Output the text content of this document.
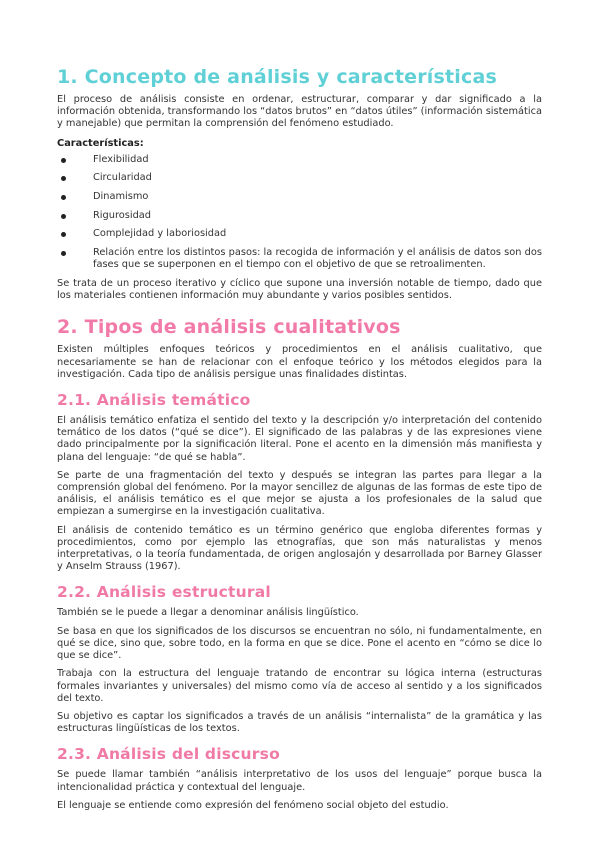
1. Concepto de análisis y características

El proceso de análisis consiste en ordenar, estructurar, comparar y dar significado a la información obtenida, transformando los “datos brutos” en “datos útiles” (información sistemática y manejable) que permitan la comprensión del fenómeno estudiado.

Características:
Flexibilidad
Circularidad
Dinamismo
Rigurosidad
Complejidad y laboriosidad
Relación entre los distintos pasos: la recogida de información y el análisis de datos son dos fases que se superponen en el tiempo con el objetivo de que se retroalimenten.

Se trata de un proceso iterativo y cíclico que supone una inversión notable de tiempo, dado que los materiales contienen información muy abundante y varios posibles sentidos.

2. Tipos de análisis cualitativos

Existen múltiples enfoques teóricos y procedimientos en el análisis cualitativo, que necesariamente se han de relacionar con el enfoque teórico y los métodos elegidos para la investigación. Cada tipo de análisis persigue unas finalidades distintas.

2.1. Análisis temático

El análisis temático enfatiza el sentido del texto y la descripción y/o interpretación del contenido temático de los datos (“qué se dice”). El significado de las palabras y de las expresiones viene dado principalmente por la significación literal. Pone el acento en la dimensión más manifiesta y plana del lenguaje: “de qué se habla”.

Se parte de una fragmentación del texto y después se integran las partes para llegar a la comprensión global del fenómeno. Por la mayor sencillez de algunas de las formas de este tipo de análisis, el análisis temático es el que mejor se ajusta a los profesionales de la salud que empiezan a sumergirse en la investigación cualitativa.

El análisis de contenido temático es un término genérico que engloba diferentes formas y procedimientos, como por ejemplo las etnografías, que son más naturalistas y menos interpretativas, o la teoría fundamentada, de origen anglosajón y desarrollada por Barney Glasser y Anselm Strauss (1967).

2.2. Análisis estructural

También se le puede a llegar a denominar análisis lingüístico.

Se basa en que los significados de los discursos se encuentran no sólo, ni fundamentalmente, en qué se dice, sino que, sobre todo, en la forma en que se dice. Pone el acento en “cómo se dice lo que se dice”.

Trabaja con la estructura del lenguaje tratando de encontrar su lógica interna (estructuras formales invariantes y universales) del mismo como vía de acceso al sentido y a los significados del texto.

Su objetivo es captar los significados a través de un análisis “internalista” de la gramática y las estructuras lingüísticas de los textos.

2.3. Análisis del discurso

Se puede llamar también “análisis interpretativo de los usos del lenguaje” porque busca la intencionalidad práctica y contextual del lenguaje.

El lenguaje se entiende como expresión del fenómeno social objeto del estudio.
